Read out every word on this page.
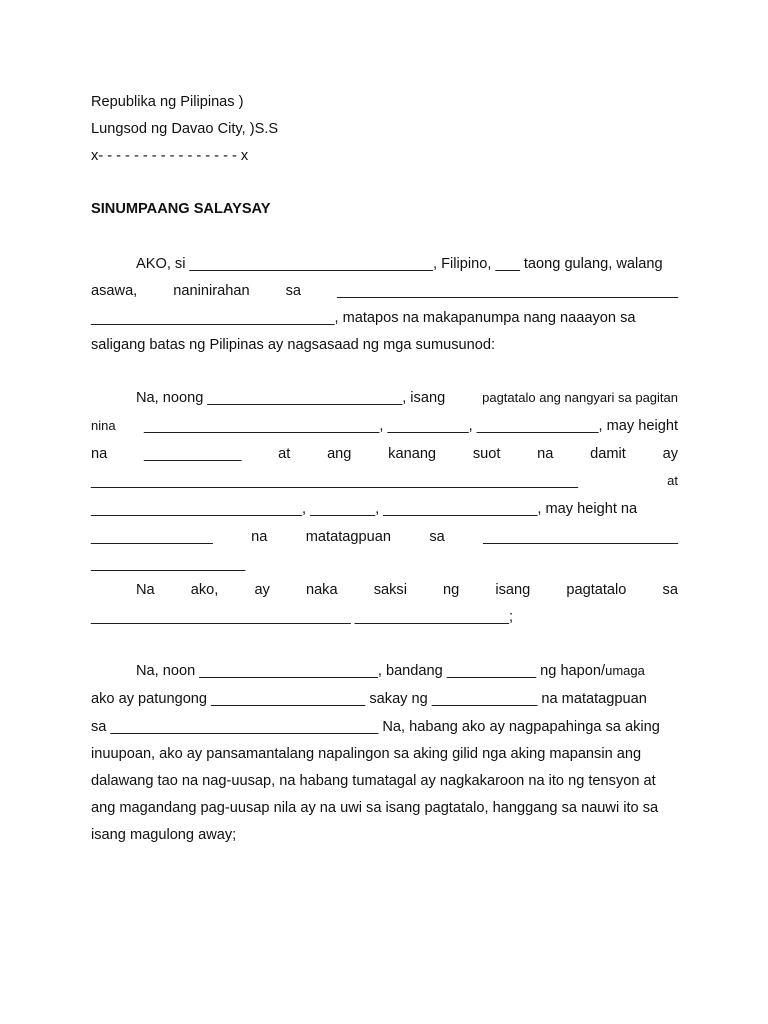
Republika ng Pilipinas )
Lungsod ng Davao City, )S.S
x- - - - - - - - - - - - - - - - x
SINUMPAANG SALAYSAY
AKO, si ______________________________, Filipino, ___ taong gulang, walang
asawa, naninirahan sa __________________________________________
______________________________, matapos na makapanumpa nang naaayon sa
saligang batas ng Pilipinas ay nagsasaad ng mga sumusunod:
Na, noong ________________________, isang	pagtatalo ang nangyari sa pagitan
nina _____________________________, __________, _______________, may height
na	____________	at	ang	kanang	suot	na	damit	ay
____________________________________________________________	at
__________________________, ________, ___________________, may height na
_______________	na	matatagpuan	sa	________________________
___________________
Na ako, ay naka saksi ng isang pagtatalo sa
________________________________ ___________________;
Na, noon ______________________, bandang ___________ ng hapon/umaga
ako ay patungong ___________________ sakay ng _____________ na matatagpuan
sa _________________________________ Na, habang ako ay nagpapahinga sa aking
inuupoan, ako ay pansamantalang napalingon sa aking gilid nga aking mapansin ang
dalawang tao na nag-uusap, na habang tumatagal ay nagkakaroon na ito ng tensyon at
ang magandang pag-uusap nila ay na uwi sa isang pagtatalo, hanggang sa nauwi ito sa
isang magulong away;
